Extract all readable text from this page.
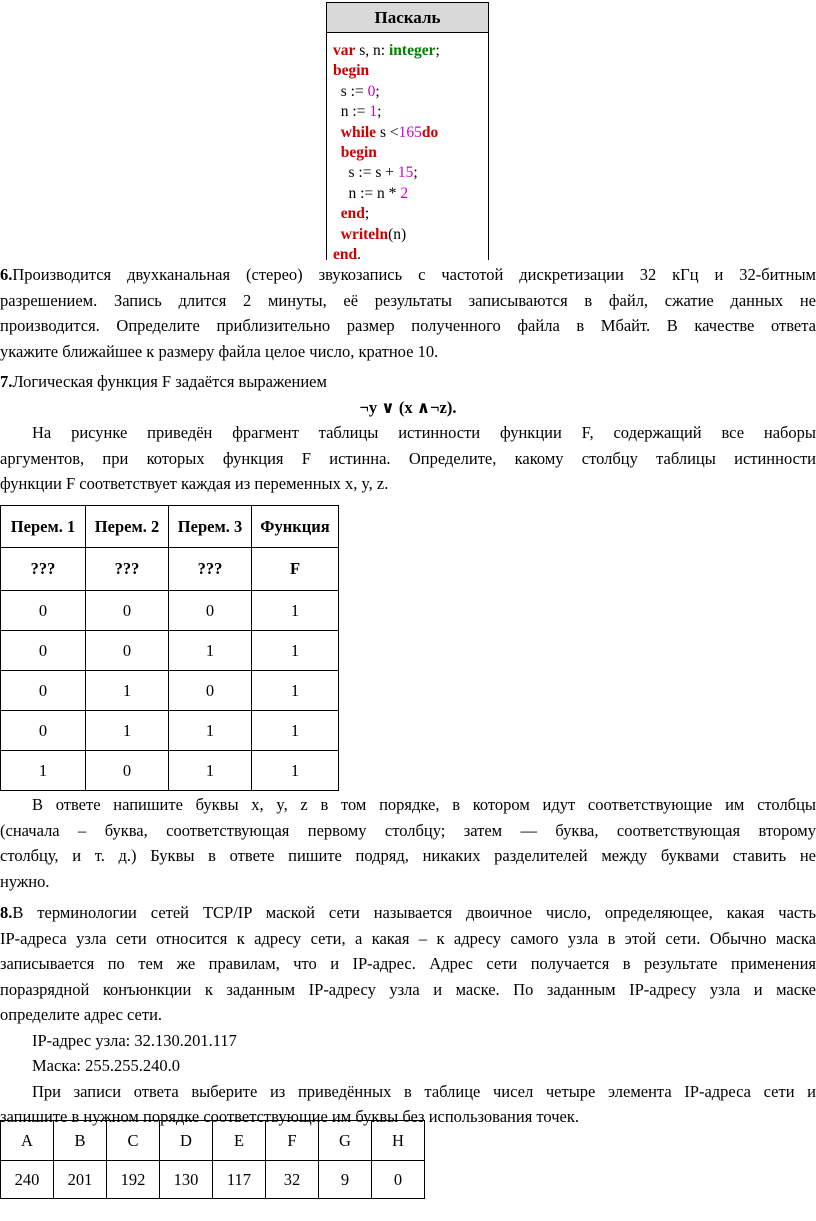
Паскаль
var s, n: integer;
begin
s := 0;
n := 1;
while s <165do
begin
s := s + 15;
n := n * 2
end;
writeln(n)
end.
6.Производится двухканальная (стерео) звукозапись с частотой дискретизации 32 кГц и 32-битным
разрешением. Запись длится 2 минуты, её результаты записываются в файл, сжатие данных не
производится. Определите приблизительно размер полученного файла в Мбайт. В качестве ответа
укажите ближайшее к размеру файла целое число, кратное 10.
7.Логическая функция F задаётся выражением
¬y ∨ (x ∧¬z).
На рисунке приведён фрагмент таблицы истинности функции F, содержащий все наборы
аргументов, при которых функция F истинна. Определите, какому столбцу таблицы истинности
функции F соответствует каждая из переменных x, y, z.
Перем. 1	Перем. 2	Перем. 3	Функция
???	???	???	F
0	0	0	1
0	0	1	1
0	1	0	1
0	1	1	1
1	0	1	1
В ответе напишите буквы x, y, z в том порядке, в котором идут соответствующие им столбцы
(сначала – буква, соответствующая первому столбцу; затем — буква, соответствующая второму
столбцу, и т. д.) Буквы в ответе пишите подряд, никаких разделителей между буквами ставить не
нужно.
8.В терминологии сетей TCP/IP маской сети называется двоичное число, определяющее, какая часть
IP-адреса узла сети относится к адресу сети, а какая – к адресу самого узла в этой сети. Обычно маска
записывается по тем же правилам, что и IP-адрес. Адрес сети получается в результате применения
поразрядной конъюнкции к заданным IP-адресу узла и маске. По заданным IP-адресу узла и маске
определите адрес сети.
IP-адрес узла: 32.130.201.117
Маска: 255.255.240.0
При записи ответа выберите из приведённых в таблице чисел четыре элемента IP-адреса сети и
запишите в нужном порядке соответствующие им буквы без использования точек.
A	B	C	D	E	F	G	H
240	201	192	130	117	32	9	0
